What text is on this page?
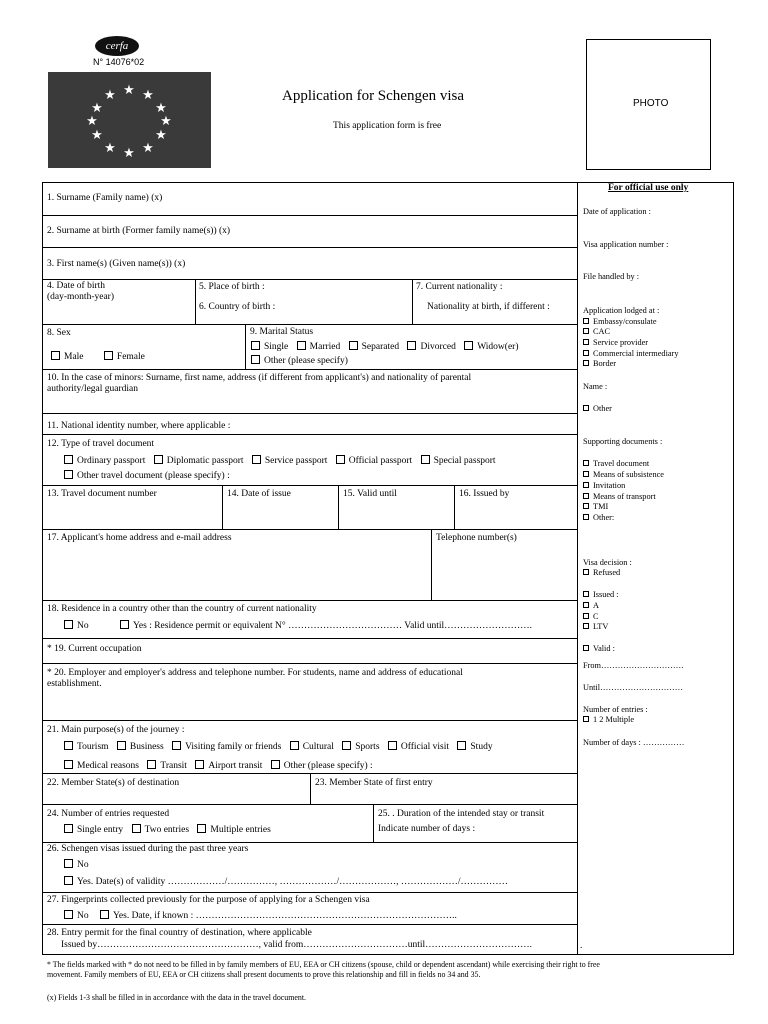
cerfa
N° 14076*02
★ ★
★
★
★
★
★
★
★
★
★
★	Application for Schengen visa
This application form is free
PHOTO
1. Surname (Family name) (x)
2. Surname at birth (Former family name(s)) (x)
3. First name(s) (Given name(s)) (x)
4. Date of birth
(day-month-year)
5. Place of birth :
6. Country of birth :
7. Current nationality :
Nationality at birth, if different :
8. Sex
Male	Female
9. Marital Status
Single Married Separated Divorced Widow(er)
Other (please specify)
10. In the case of minors: Surname, first name, address (if different from applicant's) and nationality of parental
authority/legal guardian
11. National identity number, where applicable :
12. Type of travel document
Ordinary passport Diplomatic passport Service passport Official passport Special passport
Other travel document (please specify) :
13. Travel document number	14. Date of issue	15. Valid until	16. Issued by
17. Applicant's home address and e-mail address	Telephone number(s)
18. Residence in a country other than the country of current nationality
No	Yes : Residence permit or equivalent N° ……………………………… Valid until……………………….
* 19. Current occupation
* 20. Employer and employer's address and telephone number. For students, name and address of educational
establishment.
21. Main purpose(s) of the journey :
Tourism Business Visiting family or friends Cultural Sports Official visit Study
Medical reasons Transit Airport transit Other (please specify) :
22. Member State(s) of destination	23. Member State of first entry
24. Number of entries requested
Single entry Two entries Multiple entries
25. . Duration of the intended stay or transit
Indicate number of days :
26. Schengen visas issued during the past three years
No
Yes. Date(s) of validity ………………/……………, ………………/………………, ………………/……………
27. Fingerprints collected previously for the purpose of applying for a Schengen visa
No	Yes. Date, if known : ………………………………………………………………………..
28. Entry permit for the final country of destination, where applicable
Issued by……………………………………………, valid from……………………………until…………………………….	.
For official use only
Date of application :
Visa application number :
File handled by :
Application lodged at :
Embassy/consulate
CAC
Service provider
Commercial intermediary
Border
Name :
Other
Supporting documents :
Travel document
Means of subsistence
Invitation
Means of transport
TMI
Other:
Visa decision :
Refused
Issued :
A
C
LTV
Valid :
From…………………………
Until…………………………
Number of entries :
1 2 Multiple
Number of days : ……………
* The fields marked with * do not need to be filled in by family members of EU, EEA or CH citizens (spouse, child or dependent ascendant) while exercising their right to free
movement. Family members of EU, EEA or CH citizens shall present documents to prove this relationship and fill in fields no 34 and 35.
(x) Fields 1-3 shall be filled in in accordance with the data in the travel document.
